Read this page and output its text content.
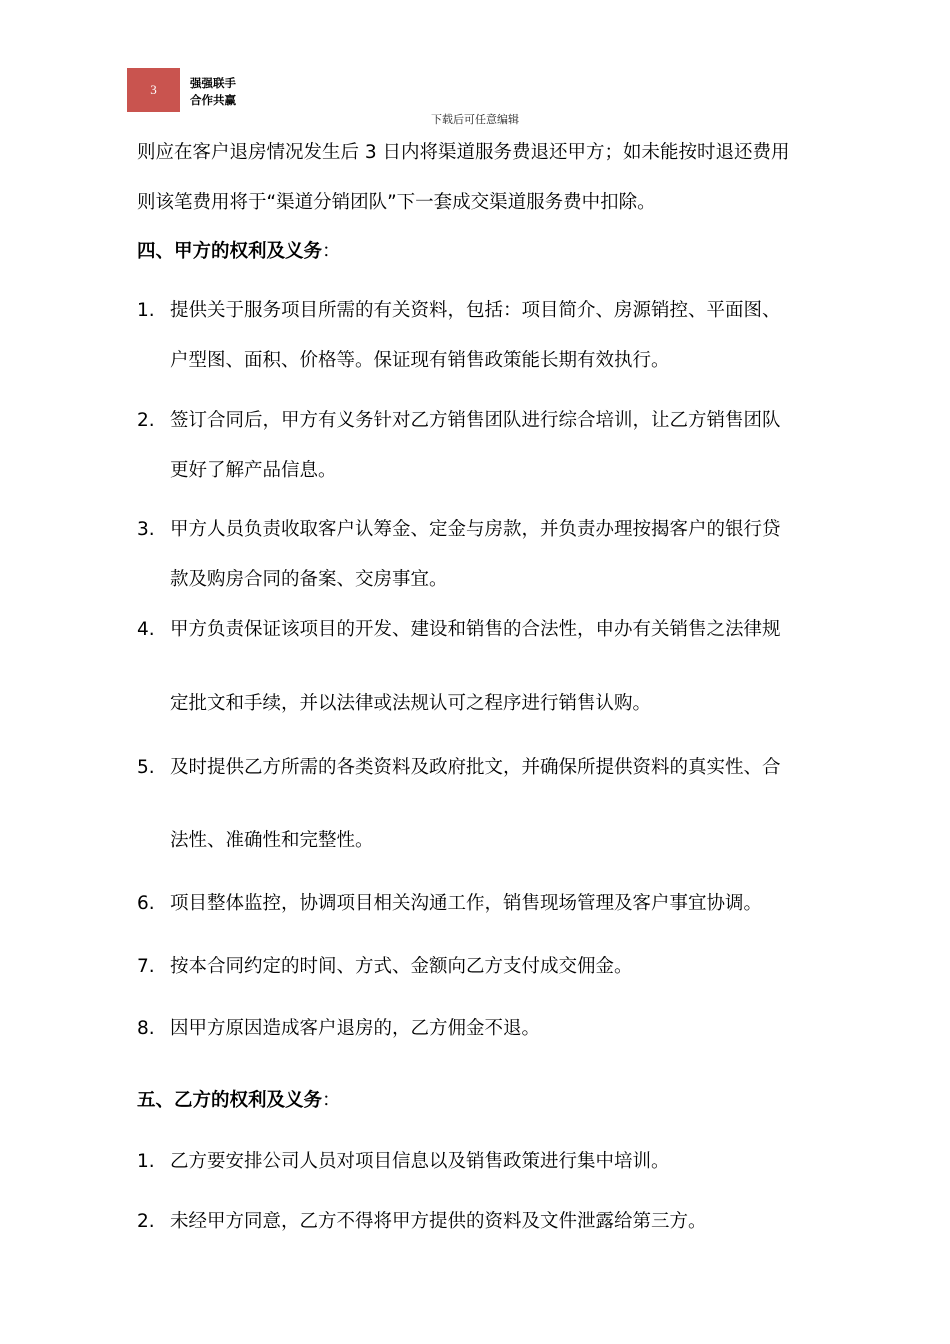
3	强强联手
合作共赢
下载后可任意编辑
则应在客户退房情况发生后 3 日内将渠道服务费退还甲方；如未能按时退还费用
则该笔费用将于“渠道分销团队”下一套成交渠道服务费中扣除。
四、甲方的权利及义务：
1. 提供关于服务项目所需的有关资料，包括：项目简介、房源销控、平面图、
户型图、面积、价格等。保证现有销售政策能长期有效执行。
2. 签订合同后，甲方有义务针对乙方销售团队进行综合培训，让乙方销售团队
更好了解产品信息。
3. 甲方人员负责收取客户认筹金、定金与房款，并负责办理按揭客户的银行贷
款及购房合同的备案、交房事宜。
4. 甲方负责保证该项目的开发、建设和销售的合法性，申办有关销售之法律规
定批文和手续，并以法律或法规认可之程序进行销售认购。
5. 及时提供乙方所需的各类资料及政府批文，并确保所提供资料的真实性、合
法性、准确性和完整性。
6. 项目整体监控，协调项目相关沟通工作，销售现场管理及客户事宜协调。
7. 按本合同约定的时间、方式、金额向乙方支付成交佣金。
8. 因甲方原因造成客户退房的，乙方佣金不退。
五、乙方的权利及义务：
1. 乙方要安排公司人员对项目信息以及销售政策进行集中培训。
2. 未经甲方同意，乙方不得将甲方提供的资料及文件泄露给第三方。
